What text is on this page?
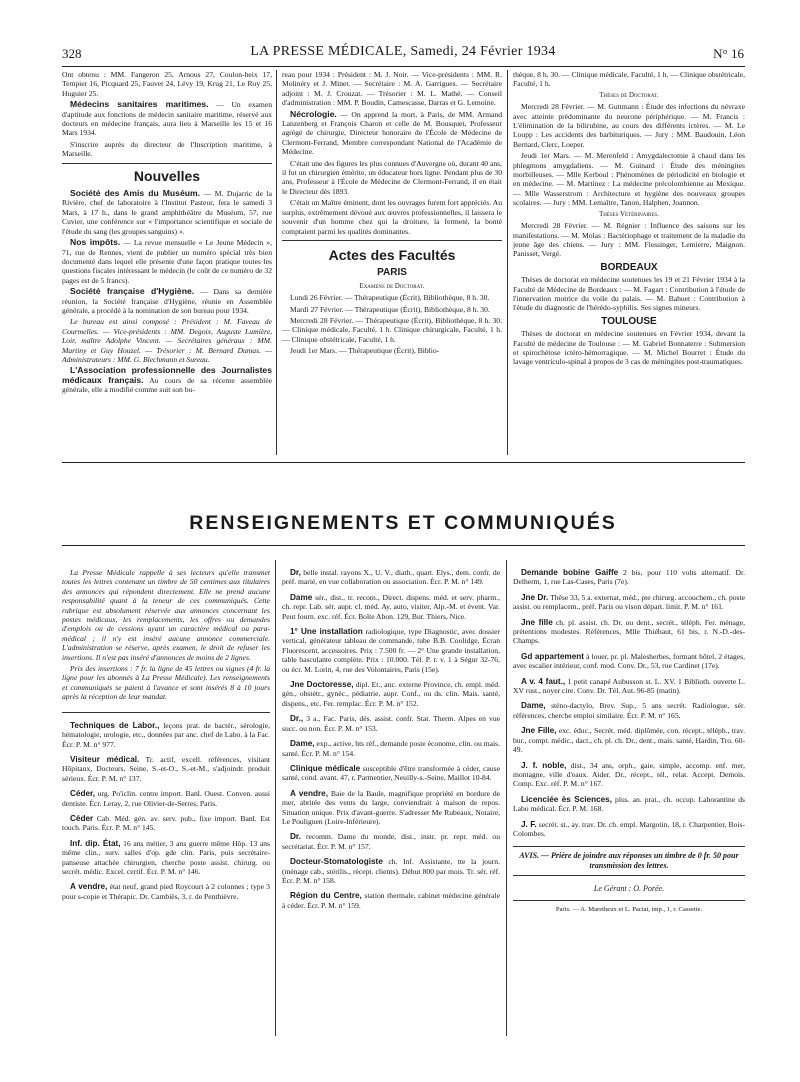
328	LA PRESSE MÉDICALE, Samedi, 24 Février 1934	N° 16

Ont obtenu : MM. Fangeron 25, Arnous 27, Coulon-beix 17, Tempier 16, Picquard 25, Fauvet 24, Lévy 19, Krug 21, Le Roy 25, Huguier 25.

Médecins sanitaires maritimes. — Un examen d'aptitude aux fonctions de médecin sanitaire maritime, réservé aux docteurs en médecine français, aura lieu à Marseille les 15 et 16 Mars 1934.

S'inscrire auprès du directeur de l'Inscription maritime, à Marseille.

Nouvelles

Société des Amis du Muséum. — M. Dujarric de la Rivière, chef de laboratoire à l'Institut Pasteur, fera le samedi 3 Mars, à 17 h., dans le grand amphithéâtre du Muséum, 57, rue Cuvier, une conférence sur « l'importance scientifique et sociale de l'étude du sang (les groupes sanguins) ».

Nos impôts. — La revue mensuelle « Le Jeune Médecin », 71, rue de Rennes, vient de publier un numéro spécial très bien documenté dans lequel elle présente d'une façon pratique toutes les questions fiscales intéressant le médecin (le coût de ce numéro de 32 pages est de 5 francs).

Société française d'Hygiène. — Dans sa dernière réunion, la Société française d'Hygiène, réunie en Assemblée générale, a procédé à la nomination de son bureau pour 1934.

Le bureau est ainsi composé : Président : M. Faveau de Courmelles. — Vice-présidents : MM. Degoix, Auguste Lumière, Loir, maître Adolphe Vincent. — Secrétaires généraux : MM. Martiny et Guy Houzel. — Trésorier : M. Bernard Dumas. — Administrateurs : MM. G. Blechmann et Sureau.

L'Association professionnelle des Journalistes médicaux français. Au cours de sa récente assemblée générale, elle a modifié comme suit son bu-

reau pour 1934 : Président : M. J. Noir. — Vice-présidents : MM. R. Molinéry et J. Minet. — Secrétaire : M. A. Garrigues. — Secrétaire adjoint : M. J. Crouzat. — Trésorier : M. L. Mathé. — Conseil d'administration : MM. P. Boudin, Camescasse, Darras et G. Lemoine.

Nécrologie. — On apprend la mort, à Paris, de MM. Armand Lanzenberg et François Charon et celle de M. Bousquet, Professeur agrégé de chirurgie, Directeur honoraire de l'École de Médecine de Clermont-Ferrand, Membre correspondant National de l'Académie de Médecine.

C'était une des figures les plus connues d'Auvergne où, durant 40 ans, il fut un chirurgien émérite, un éducateur hors ligne. Pendant plus de 30 ans, Professeur à l'École de Médecine de Clermont-Ferrand, il en était le Directeur dès 1893.

C'était un Maître éminent, dont les ouvrages furent fort appréciés. Au surplus, extrêmement dévoué aux œuvres professionnelles, il laissera le souvenir d'un homme chez qui la droiture, la fermeté, la bonté comptaient parmi les qualités dominantes.

Actes des Facultés
PARIS

Examens de Doctorat.

Lundi 26 Février. — Thérapeutique (Écrit), Bibliothèque, 8 h. 30.

Mardi 27 Février. — Thérapeutique (Écrit), Bibliothèque, 8 h. 30.

Mercredi 28 Février. — Thérapeutique (Écrit), Bibliothèque, 8 h. 30. — Clinique médicale, Faculté, 1 h. Clinique chirurgicale, Faculté, 1 h. — Clinique obstétricale, Faculté, 1 h.

Jeudi 1er Mars. — Thérapeutique (Écrit), Biblio-

thèque, 8 h. 30. — Clinique médicale, Faculté, 1 h. — Clinique obstétricale, Faculté, 1 h.

Thèses de Doctorat.

Mercredi 28 Février. — M. Guttmann : Étude des infections du névraxe avec atteinte prédominante du neurone périphérique. — M. Francis : L'élimination de la bilirubine, au cours des différents ictères. — M. Le Loupp : Les accidents des barbituriques. — Jury : MM. Baudouin, Léon Bernard, Clerc, Loeper.

Jeudi 1er Mars. — M. Merenfeld : Amygdalectomie à chaud dans les phlegmons amygdaliens. — M. Guinard : Étude des méningites morbilleuses. — Mlle Kerboul : Phénomènes de périodicité en biologie et en médecine. — M. Martinez : La médecine précolombienne au Mexique. — Mlle Wasserstrom : Architecture et hygiène des nouveaux groupes scolaires. — Jury : MM. Lemaître, Tanon, Halphen, Joannon.

Thèses Vétérinaires.

Mercredi 28 Février. — M. Régnier : Influence des saisons sur les manifestations. — M. Molas : Bactériophage et traitement de la maladie du jeune âge des chiens. — Jury : MM. Fiessinger, Lemierre, Maignon. Panisset, Vergé.

BORDEAUX

Thèses de doctorat en médecine soutenues les 19 et 21 Février 1934 à la Faculté de Médecine de Bordeaux : — M. Fagart : Contribution à l'étude de l'innervation motrice du voile du palais. — M. Bahuet : Contribution à l'étude du diagnostic de l'hérédo-syphilis. Ses signes mineurs.

TOULOUSE

Thèses de doctorat en médecine soutenues en Février 1934, devant la Faculté de médecine de Toulouse : — M. Gabriel Bonnaterre : Submersion et spirochétose ictéro-hémorragique. — M. Michel Bourret : Étude du lavage ventriculo-spinal à propos de 3 cas de méningites post-traumatiques.

RENSEIGNEMENTS ET COMMUNIQUÉS

La Presse Médicale rappelle à ses lecteurs qu'elle transmet toutes les lettres contenant un timbre de 50 centimes aux titulaires des annonces qui répondent directement. Elle ne prend aucune responsabilité quant à la teneur de ces communiqués. Cette rubrique est absolument réservée aux annonces concernant les postes médicaux, les remplacements, les offres ou demandes d'emplois ou de cessions ayant un caractère médical ou para-médical ; il n'y est inséré aucune annonce commerciale. L'administration se réserve, après examen, le droit de refuser les insertions. Il n'est pas inséré d'annonces de moins de 2 lignes.

Prix des insertions : 7 fr. la ligne de 45 lettres ou signes (4 fr. la ligne pour les abonnés à La Presse Médicale). Les renseignements et communiqués se paient à l'avance et sont insérés 8 à 10 jours après la réception de leur mandat.

Techniques de Labor., leçons prat. de bactér., sérologie, hématologie, urologie, etc., données par anc. chef de Labo. à la Fac. Écr. P. M. n° 977.

Visiteur médical. Tr. actif, excell. références, visitant Hôpitaux, Docteurs, Seine, S.-et-O., S.-et-M., s'adjoindr. produit sérieux. Écr. P. M. n° 137.

Céder, urg. Po'iclin. centre import. Banl. Ouest. Conven. aussi dentiste. Écr. Leray, 2, rue Olivier-de-Serres, Paris.

Céder Cab. Méd. gén. av. serv. pub., fixe import. Banl. Est touch. Paris. Écr. P. M. n° 145.

Inf. dip. État, 16 ans métier, 3 ans guerre même Hôp. 13 ans même clin., surv. salles d'op. gde clin. Paris, puis secrétaire-panseuse attachée chirurgien, cherche poste assist. chirurg. ou secrét. médic. Excel. certif. Écr. P. M. n° 146.

A vendre, état neuf, grand pied Roycourt à 2 colonnes ; type 3 pour s-copie et Thérapic. Dr. Cambiès, 3, r. de Penthièvre.

Dr, belle instal. rayons X., U. V., diath., quart. Elys., dem. confr. de préf. marié, en vue collaboration ou association. Écr. P. M. n° 149.

Dame sér., dist., tr. recom., Direct. dispens. méd. et serv. pharm., ch. repr. Lab. sér. aupr. cl. méd. Ay. auto, visiter, Alp.-M. et évent. Var. Peut fourn. exc. réf. Écr. Boîte Abon. 129, Bur. Thiers, Nice.

1° Une installation radiologique, type Diagnostic, avec dossier vertical, générateur tableau de commande, tube B.B. Coolidge, Écran Fluorescent, accessoires. Prix : 7.500 fr. — 2° Une grande installation, table basculante complète. Prix : 10.000. Tél. P. r. v. 1 à Ségur 32-76, ou écr. M. Lorin, 4, rue des Volontaires, Paris (15e).

Jne Doctoresse, dipl. Et., anc. externe Province, ch. empl. méd. gén., obstétr., gynéc., pédiatrie, aupr. Conf., ou ds. clin. Mais. santé, dispens., etc. Fer. remplac. Écr. P. M. n° 152.

Dr., 3 a., Fac. Paris, dés. assist. confr. Stat. Therm. Alpes en vue succ. ou non. Écr. P. M. n° 153.

Dame, exp., active, hts réf., demande poste économe, clin. ou mais. santé. Écr. P. M. n° 154.

Clinique médicale susceptible d'être transformée à céder, cause santé, cond. avant. 47, r. Parmentier, Neuilly-s.-Seine, Maillot 10-84.

A vendre, Baie de la Baule, magnifique propriété en bordure de mer, abritée des vents du large, conviendrait à maison de repos. Situation unique. Prix d'avant-guerre. S'adresser Me Rubeaux, Notaire, Le Pouliguen (Loire-Inférieure).

Dr. recomm. Dame du monde, dist., instr. pr. repr. méd. ou secrétariat. Écr. P. M. n° 157.

Docteur-Stomatologiste ch. Inf. Assistante, tte la journ. (ménage cab., stérilis., récept. clients). Début 800 par mois. Tr. sér. réf. Écr. P. M. n° 158.

Région du Centre, station thermale, cabinet médecine générale à céder. Écr. P. M. n° 159.

Demande bobine Gaiffe 2 bis, pour 110 volts alternatif. Dr. Delherm, 1, rue Las-Cases, Paris (7e).

Jne Dr. Thèse 33, 5 a. externat, méd., pte chirurg. accouchem., ch. poste assist. ou remplacem., préf. Paris ou vison départ. limit. P. M. n° 161.

Jne fille ch. pl. assist. ch. Dr. ou dent., secrét., téléph. Fer. ménage, prétentions modestes. Références, Mlle Thiébaut, 61 bis, r. N.-D.-des-Champs.

Gd appartement à louer, pr. pl. Malesherbes, formant hôtel, 2 étages, avec escalier intérieur, conf. mod. Conv. Dr., 53, rue Cardinet (17e).

A v. 4 faut., 1 petit canapé Aubusson st. L. XV. 1 Biblioth. ouverte L. XV rust., noyer cire. Conv. Dr. Tél. Aut. 96-85 (matin).

Dame, sténo-dactylo, Brev. Sup., 5 ans secrét. Radiologue, sér. références, cherche emploi similaire. Écr. P. M. n° 165.

Jne Fille, exc. éduc., Secrét. méd. diplômée, con. récept., téléph., trav. bur., compt. médic., dact., ch. pl. ch. Dr., dent., mais. santé, Hardin, Tro. 60-49.

J. f. noble, dist., 34 ans, orph., gaie, simple, accomp. enf. mer, montagne, ville d'eaux. Aider. Dr., récept., tél., relat. Accept. Demois. Comp. Exc. réf. P. M. n° 167.

Licenciée ès Sciences, plus. an. prat., ch. occup. Laborantine ds Labo médical. Écr. P. M. 168.

J. F. secrét. st., ay. trav. Dr. ch. empl. Margotin, 18, r. Charpentier, Bois-Colombes.

AVIS. — Prière de joindre aux réponses un timbre de 0 fr. 50 pour transmission des lettres.

Le Gérant : O. Porée.

Paris. — A. Maretheux et L. Pactat, imp., 1, r. Cassette.
